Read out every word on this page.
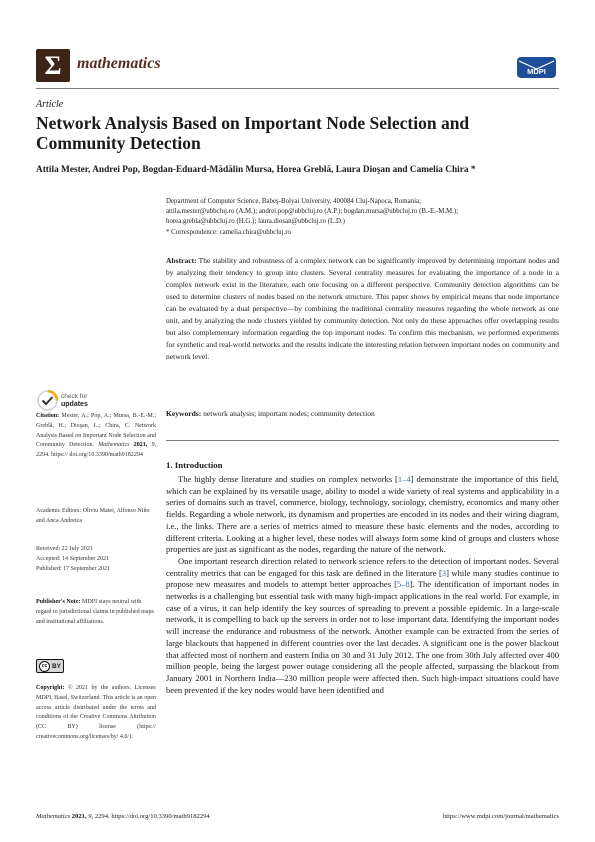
Σ mathematics	MDPI
Article
Network Analysis Based on Important Node Selection and Community Detection
Attila Mester, Andrei Pop, Bogdan-Eduard-Mădălin Mursa, Horea Greblă, Laura Dioşan and Camelia Chira *
Department of Computer Science, Babeş-Bolyai University, 400084 Cluj-Napoca, Romania;
attila.mester@ubbcluj.ro (A.M.); andrei.pop@ubbcluj.ro (A.P.); bogdan.mursa@ubbcluj.ro (B.-E.-M.M.);
horea.grebla@ubbcluj.ro (H.G.); laura.diosan@ubbcluj.ro (L.D.)
* Correspondence: camelia.chira@ubbcluj.ro
Abstract: The stability and robustness of a complex network can be significantly improved by determining important nodes and by analyzing their tendency to group into clusters. Several centrality measures for evaluating the importance of a node in a complex network exist in the literature, each one focusing on a different perspective. Community detection algorithms can be used to determine clusters of nodes based on the network structure. This paper shows by empirical means that node importance can be evaluated by a dual perspective—by combining the traditional centrality measures regarding the whole network as one unit, and by analyzing the node clusters yielded by community detection. Not only do these approaches offer overlapping results but also complementary information regarding the top important nodes. To confirm this mechanism, we performed experiments for synthetic and real-world networks and the results indicate the interesting relation between important nodes on community and network level.
Keywords: network analysis; important nodes; community detection
check for
updates
Citation: Mester, A.; Pop, A.; Mursa, B.-E.-M.; Greblă, H.; Dioşan, L.; Chira, C. Network Analysis Based on Important Node Selection and Community Detection. Mathematics 2021, 9, 2294. https:// doi.org/10.3390/math9182294
Academic Editors: Oliviu Matei, Alfonso Niño and Anca Andreica
Received: 22 July 2021
Accepted: 14 September 2021
Published: 17 September 2021
Publisher's Note: MDPI stays neutral with regard to jurisdictional claims in published maps and institutional affiliations.
cc BY
Copyright: © 2021 by the authors. Licensee MDPI, Basel, Switzerland. This article is an open access article distributed under the terms and conditions of the Creative Commons Attribution (CC BY) license (https:// creativecommons.org/licenses/by/ 4.0/).
1. Introduction

The highly dense literature and studies on complex networks [1–4] demonstrate the importance of this field, which can be explained by its versatile usage, ability to model a wide variety of real systems and applicability in a series of domains such as travel, commerce, biology, technology, sociology, chemistry, economics and many other fields. Regarding a whole network, its dynamism and properties are encoded in its nodes and their wiring diagram, i.e., the links. There are a series of metrics aimed to measure these basic elements and the nodes, according to different criteria. Looking at a higher level, these nodes will always form some kind of groups and clusters whose properties are just as significant as the nodes, regarding the nature of the network.

One important research direction related to network science refers to the detection of important nodes. Several centrality metrics that can be engaged for this task are defined in the literature [3] while many studies continue to propose new measures and models to attempt better approaches [5–8]. The identification of important nodes in networks is a challenging but essential task with many high-impact applications in the real world. For example, in case of a virus, it can help identify the key sources of spreading to prevent a possible epidemic. In a large-scale network, it is compelling to back up the servers in order not to lose important data. Identifying the important nodes will increase the endurance and robustness of the network. Another example can be extracted from the series of large blackouts that happened in different countries over the last decades. A significant one is the power blackout that affected most of northern and eastern India on 30 and 31 July 2012. The one from 30th July affected over 400 million people, being the largest power outage considering all the people affected, surpassing the blackout from January 2001 in Northern India—230 million people were affected then. Such high-impact situations could have been prevented if the key nodes would have been identified and

Mathematics 2021, 9, 2294. https://doi.org/10.3390/math9182294	https://www.mdpi.com/journal/mathematics
